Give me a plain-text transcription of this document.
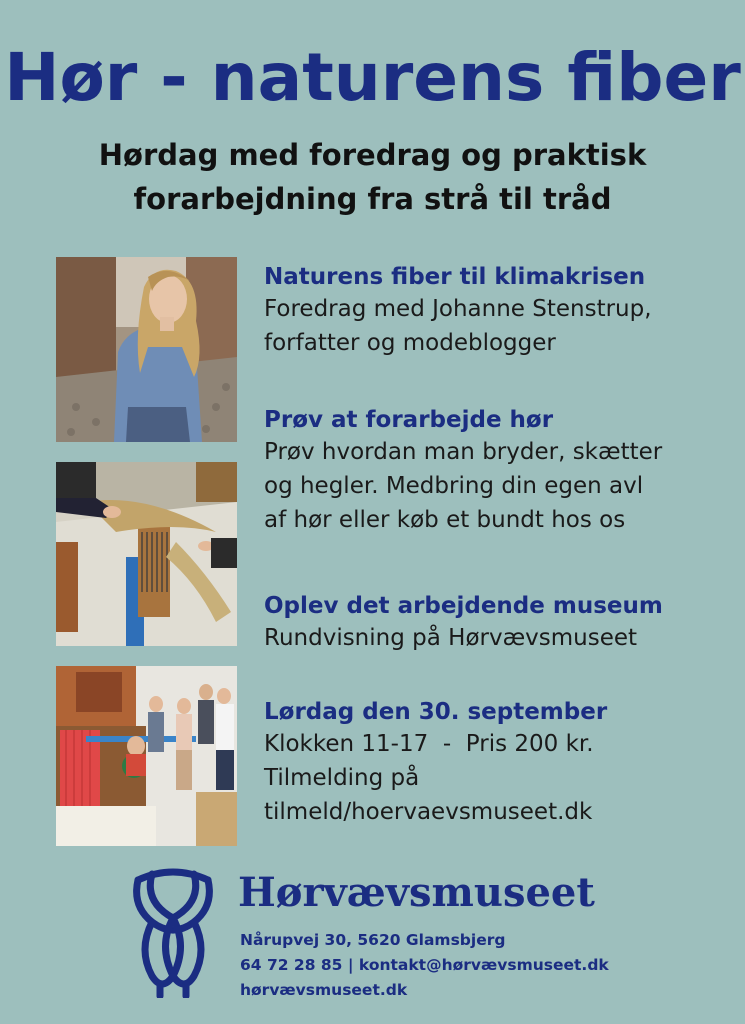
Hør - naturens fiber
Hørdag med foredrag og praktisk
forarbejdning fra strå til tråd
Naturens fiber til klimakrisen
Foredrag med Johanne Stenstrup,
forfatter og modeblogger
Prøv at forarbejde hør
Prøv hvordan man bryder, skætter
og hegler. Medbring din egen avl
af hør eller køb et bundt hos os
Oplev det arbejdende museum
Rundvisning på Hørvævsmuseet
Lørdag den 30. september
Klokken 11-17  -  Pris 200 kr.
Tilmelding på
tilmeld/hoervaevsmuseet.dk
Hørvævsmuseet
Nårupvej 30, 5620 Glamsbjerg
64 72 28 85 | kontakt@hørvævsmuseet.dk
hørvævsmuseet.dk
